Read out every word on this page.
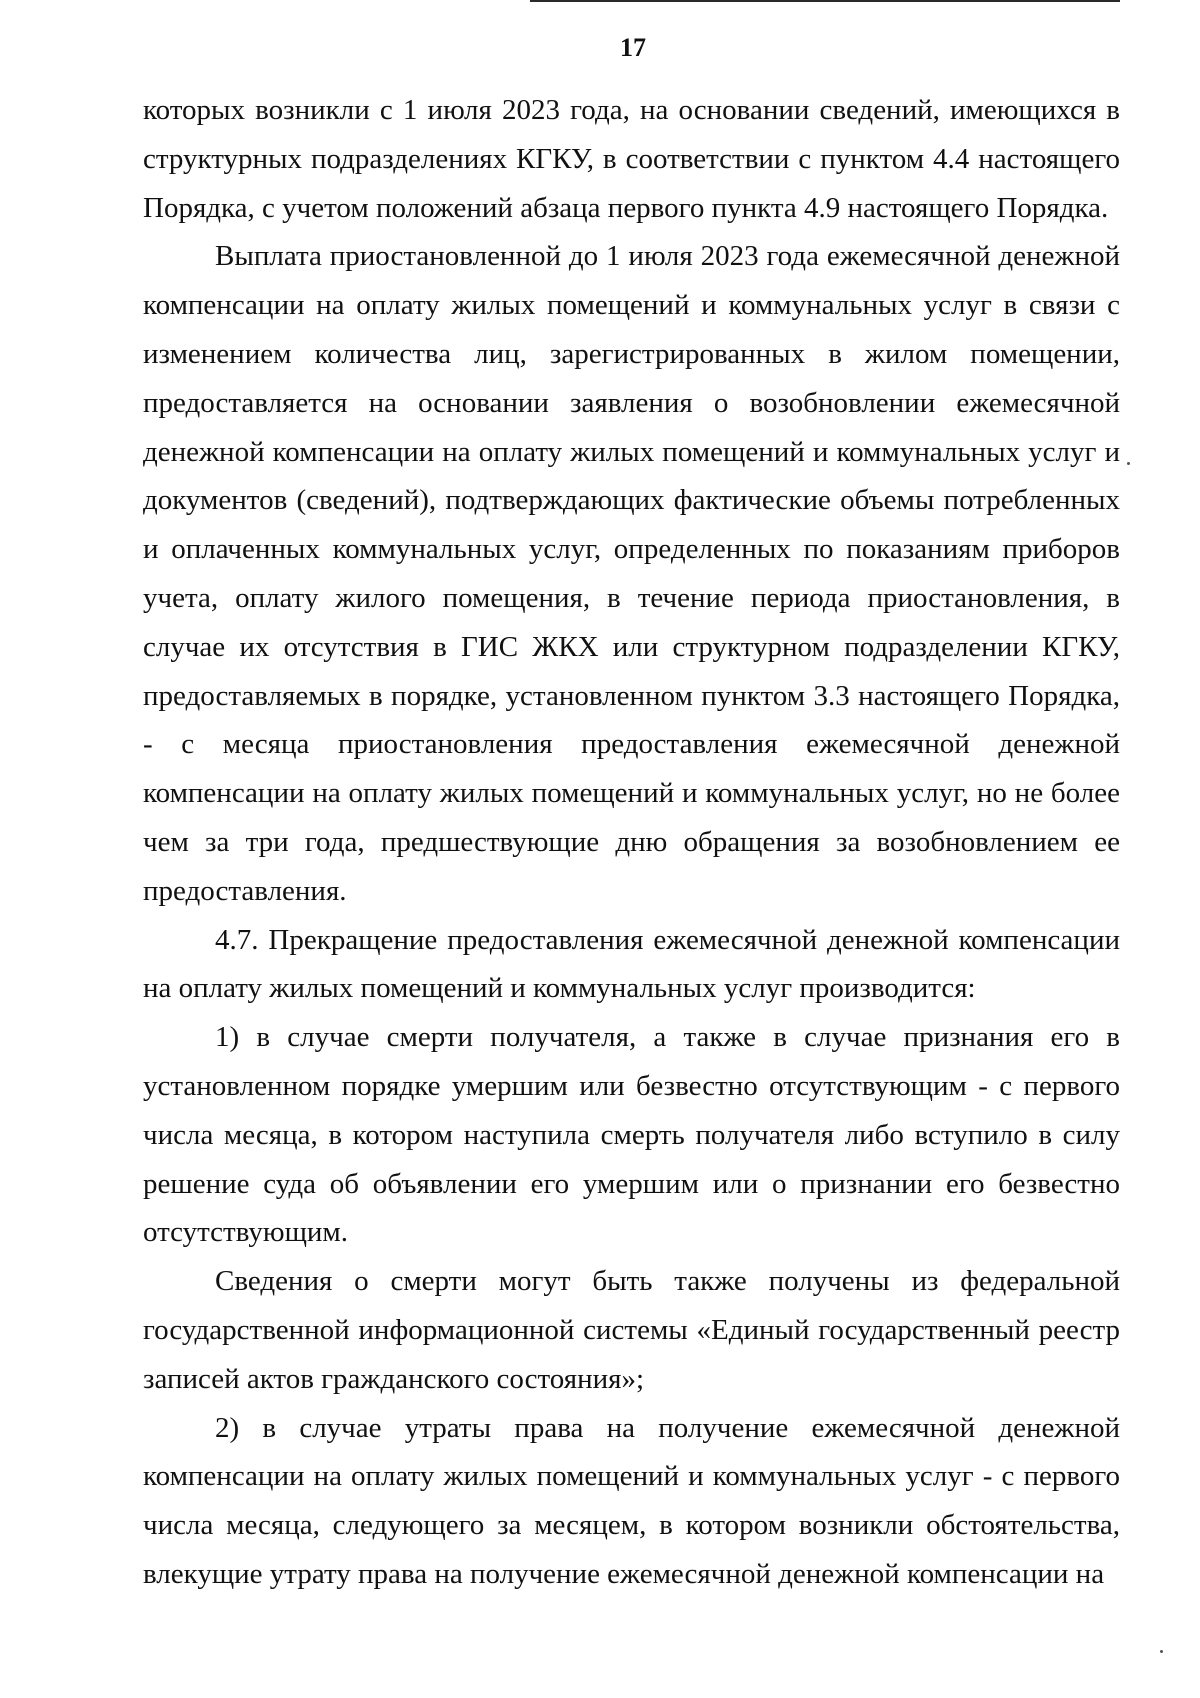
17

которых возникли с 1 июля 2023 года, на основании сведений, имеющихся в структурных подразделениях КГКУ, в соответствии с пунктом 4.4 настоящего Порядка, с учетом положений абзаца первого пункта 4.9 настоящего Порядка.

Выплата приостановленной до 1 июля 2023 года ежемесячной денежной компенсации на оплату жилых помещений и коммунальных услуг в связи с изменением количества лиц, зарегистрированных в жилом помещении, предоставляется на основании заявления о возобновлении ежемесячной денежной компенсации на оплату жилых помещений и коммунальных услуг и документов (сведений), подтверждающих фактические объемы потребленных и оплаченных коммунальных услуг, определенных по показаниям приборов учета, оплату жилого помещения, в течение периода приостановления, в случае их отсутствия в ГИС ЖКХ или структурном подразделении КГКУ, предоставляемых в порядке, установленном пунктом 3.3 настоящего Порядка, - с месяца приостановления предоставления ежемесячной денежной компенсации на оплату жилых помещений и коммунальных услуг, но не более чем за три года, предшествующие дню обращения за возобновлением ее предоставления.

4.7. Прекращение предоставления ежемесячной денежной компенсации на оплату жилых помещений и коммунальных услуг производится:

1) в случае смерти получателя, а также в случае признания его в установленном порядке умершим или безвестно отсутствующим - с первого числа месяца, в котором наступила смерть получателя либо вступило в силу решение суда об объявлении его умершим или о признании его безвестно отсутствующим.

Сведения о смерти могут быть также получены из федеральной государственной информационной системы «Единый государственный реестр записей актов гражданского состояния»;

2) в случае утраты права на получение ежемесячной денежной компенсации на оплату жилых помещений и коммунальных услуг - с первого числа месяца, следующего за месяцем, в котором возникли обстоятельства, влекущие утрату права на получение ежемесячной денежной компенсации на
